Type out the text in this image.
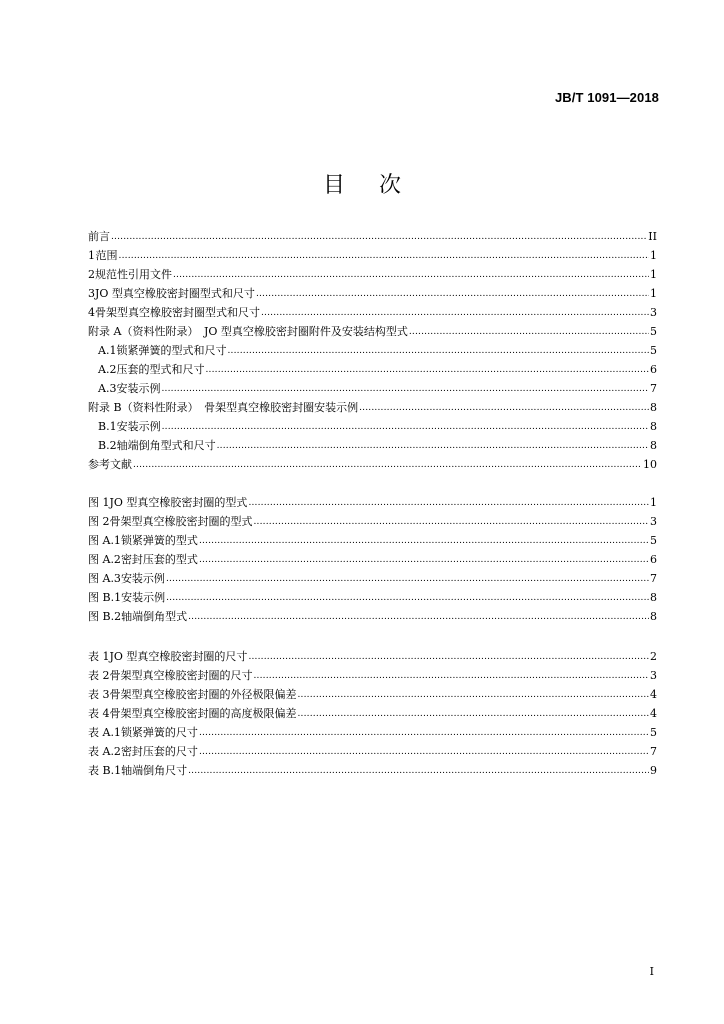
JB/T 1091—2018
目 次
前言 .....	II
1 范围 .....	1
2 规范性引用文件 .....	1
3 JO 型真空橡胶密封圈型式和尺寸 .....	1
4 骨架型真空橡胶密封圈型式和尺寸 .....	3
附录 A（资料性附录）　JO 型真空橡胶密封圈附件及安装结构型式 .....	5
A.1 锁紧弹簧的型式和尺寸 .....	5
A.2 压套的型式和尺寸 .....	6
A.3 安装示例 .....	7
附录 B（资料性附录）　骨架型真空橡胶密封圈安装示例 .....	8
B.1 安装示例 .....	8
B.2 轴端倒角型式和尺寸 .....	8
参考文献 .....	10
图 1 JO 型真空橡胶密封圈的型式 .....	1
图 2 骨架型真空橡胶密封圈的型式 .....	3
图 A.1 锁紧弹簧的型式 .....	5
图 A.2 密封压套的型式 .....	6
图 A.3 安装示例 .....	7
图 B.1 安装示例 .....	8
图 B.2 轴端倒角型式 .....	8
表 1 JO 型真空橡胶密封圈的尺寸 .....	2
表 2 骨架型真空橡胶密封圈的尺寸 .....	3
表 3 骨架型真空橡胶密封圈的外径极限偏差 .....	4
表 4 骨架型真空橡胶密封圈的高度极限偏差 .....	4
表 A.1 锁紧弹簧的尺寸 .....	5
表 A.2 密封压套的尺寸 .....	7
表 B.1 轴端倒角尺寸 .....	9
I
